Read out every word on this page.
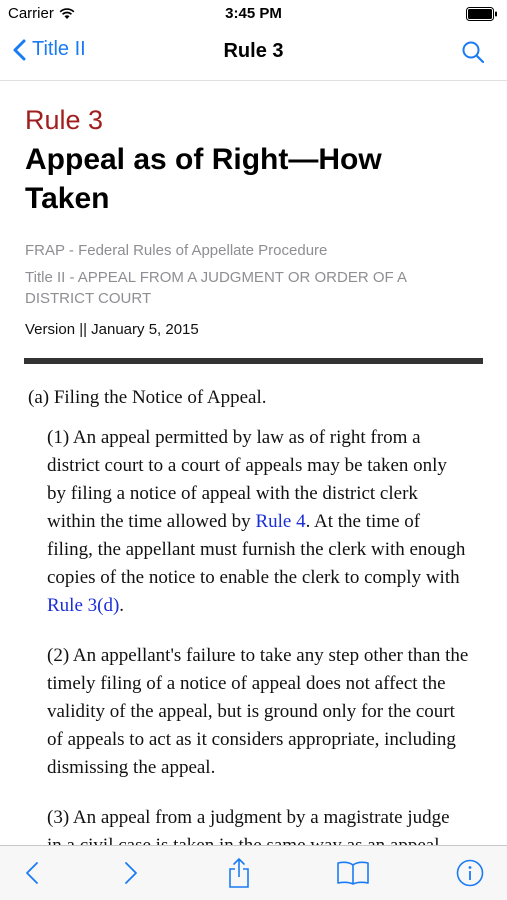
Carrier	3:45 PM
Title II	Rule 3
Rule 3
Appeal as of Right—How Taken
FRAP - Federal Rules of Appellate Procedure
Title II - APPEAL FROM A JUDGMENT OR ORDER OF A DISTRICT COURT
Version || January 5, 2015
(a) Filing the Notice of Appeal.
(1) An appeal permitted by law as of right from a district court to a court of appeals may be taken only by filing a notice of appeal with the district clerk within the time allowed by Rule 4. At the time of filing, the appellant must furnish the clerk with enough copies of the notice to enable the clerk to comply with Rule 3(d).
(2) An appellant's failure to take any step other than the timely filing of a notice of appeal does not affect the validity of the appeal, but is ground only for the court of appeals to act as it considers appropriate, including dismissing the appeal.
(3) An appeal from a judgment by a magistrate judge
